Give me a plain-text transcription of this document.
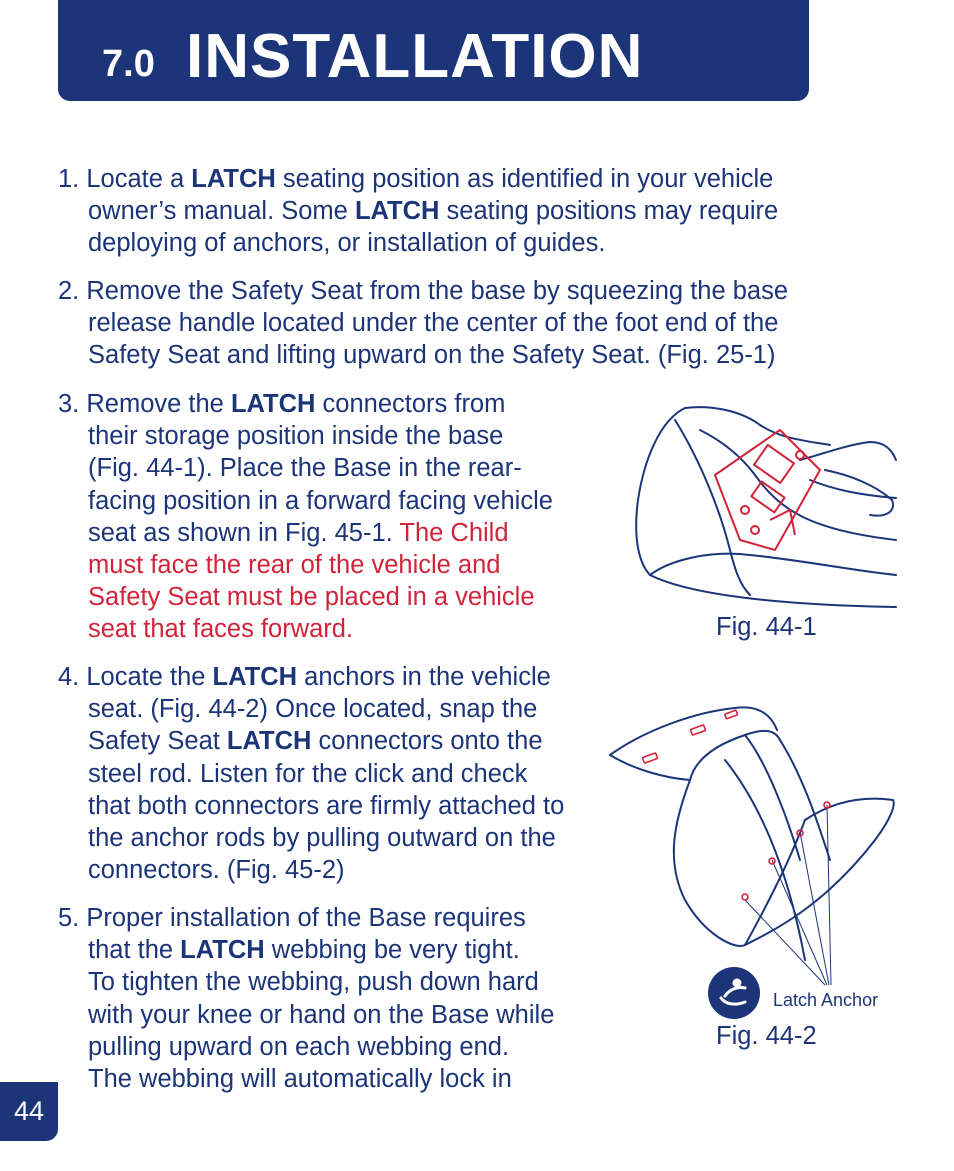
7.0 INSTALLATION
1. Locate a LATCH seating position as identified in your vehicle
owner’s manual. Some LATCH seating positions may require
deploying of anchors, or installation of guides.
2. Remove the Safety Seat from the base by squeezing the base
release handle located under the center of the foot end of the
Safety Seat and lifting upward on the Safety Seat. (Fig. 25-1)
3. Remove the LATCH connectors from
their storage position inside the base
(Fig. 44-1). Place the Base in the rear-
facing position in a forward facing vehicle
seat as shown in Fig. 45-1. The Child
must face the rear of the vehicle and
Safety Seat must be placed in a vehicle
seat that faces forward.
4. Locate the LATCH anchors in the vehicle
seat. (Fig. 44-2) Once located, snap the
Safety Seat LATCH connectors onto the
steel rod. Listen for the click and check
that both connectors are firmly attached to
the anchor rods by pulling outward on the
connectors. (Fig. 45-2)
5. Proper installation of the Base requires
that the LATCH webbing be very tight.
To tighten the webbing, push down hard
with your knee or hand on the Base while
pulling upward on each webbing end.
The webbing will automatically lock in
Fig. 44-1
Latch Anchor
Fig. 44-2
44
